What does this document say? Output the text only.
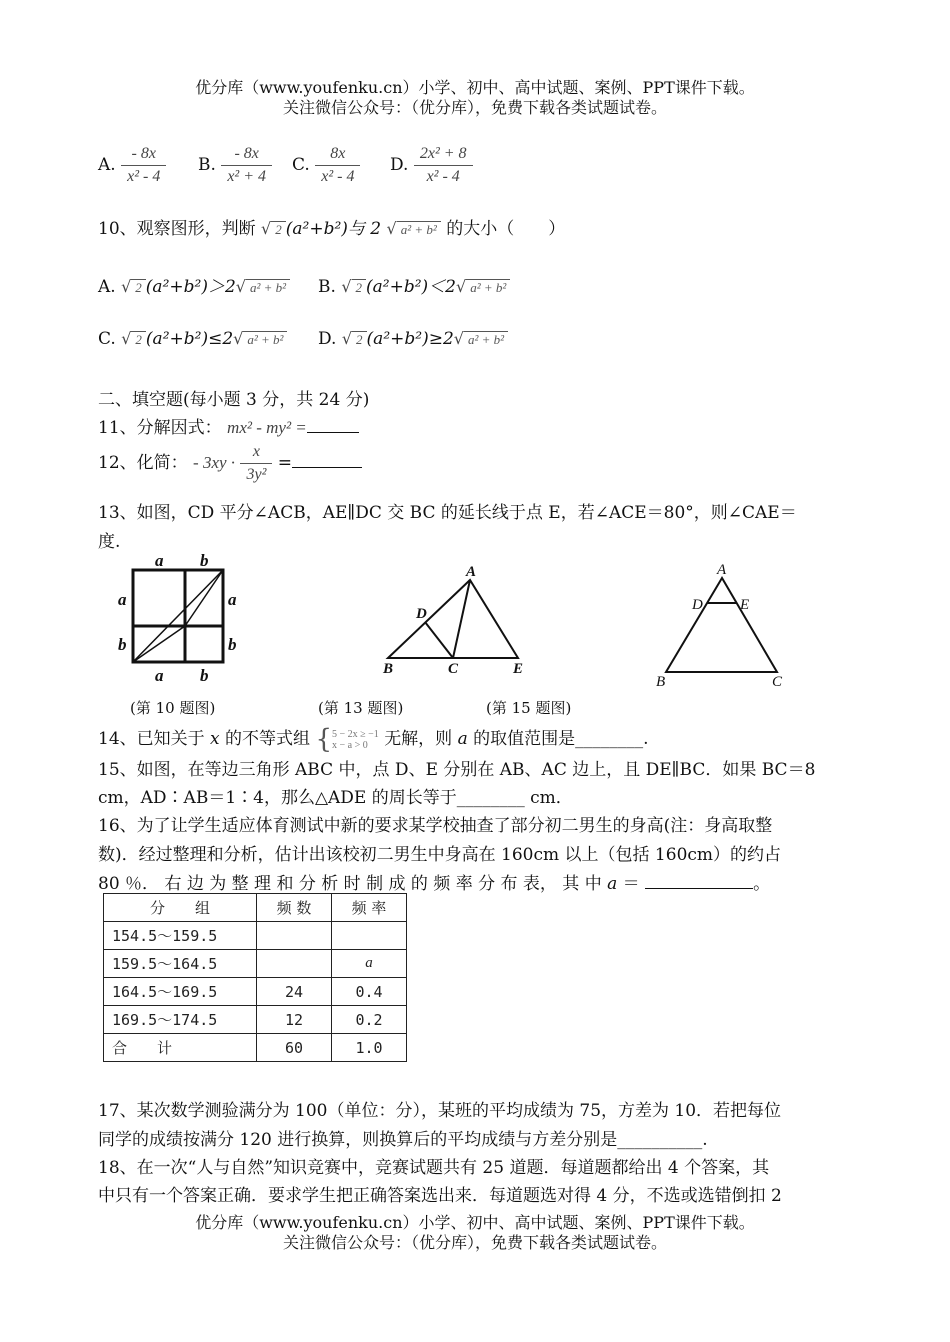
优分库（www.youfenku.cn）小学、初中、高中试题、案例、PPT课件下载。
关注微信公众号：（优分库），免费下载各类试题试卷。
A. $\frac{- 8x}{\text{x² - 4}} B$. $\frac{- 8x}{\text{x² + 4}} C$. $\frac{8x}{\text{x² - 4}} D$. $\frac{\text{2x² + 8}}{\text{x² - 4}}$
10、观察图形，判断 √ 2 (a²+b²)与 2 √ a² + b² 的大小（　　）
A. √ 2 (a²+b²)＞2√ a² + b² B. √ 2 (a²+b²)＜2√ a² + b²
C. √ 2 (a²+b²)≤2√ a² + b² D. √ 2 (a²+b²)≥2√ a² + b²
二、填空题(每小题 3 分，共 24 分)
11、分解因式： mx² - my² =
12、化简： - $3xy \cdot \frac{x}{\text{3y²}}$ =
13、如图，CD 平分∠ACB，AE∥DC 交 BC 的延长线于点 E，若∠ACE＝80°，则∠CAE＝
度.
a b
a	a
b	b
a b
A
D
B	C	E
A
D E
B	C
(第 10 题图)	(第 13 题图)	(第 15 题图)
14、已知关于 x 的不等式组 { 5 − 2x ≥ −1
x − a > 0 无解，则 a 的取值范围是________.
15、如图，在等边三角形 ABC 中，点 D、E 分别在 AB、AC 边上，且 DE∥BC．如果 BC＝8
cm，AD∶AB＝1∶4，那么△ADE 的周长等于________ cm．
16、为了让学生适应体育测试中新的要求某学校抽查了部分初二男生的身高(注：身高取整
数)．经过整理和分析，估计出该校初二男生中身高在 160cm 以上（包括 160cm）的约占
80 ％． 右 边 为 整 理 和 分 析 时 制 成 的 频 率 分 布 表， 其 中 a ＝	。
分　　组	频 数	频 率
154.5～159.5		
159.5～164.5		a
164.5～169.5	24	0.4
169.5～174.5	12	0.2
合　　计	60	1.0
17、某次数学测验满分为 100（单位：分），某班的平均成绩为 75，方差为 10．若把每位
同学的成绩按满分 120 进行换算，则换算后的平均成绩与方差分别是__________.
18、在一次“人与自然”知识竞赛中，竞赛试题共有 25 道题．每道题都给出 4 个答案，其
中只有一个答案正确．要求学生把正确答案选出来．每道题选对得 4 分，不选或选错倒扣 2
优分库（www.youfenku.cn）小学、初中、高中试题、案例、PPT课件下载。
关注微信公众号：（优分库），免费下载各类试题试卷。
